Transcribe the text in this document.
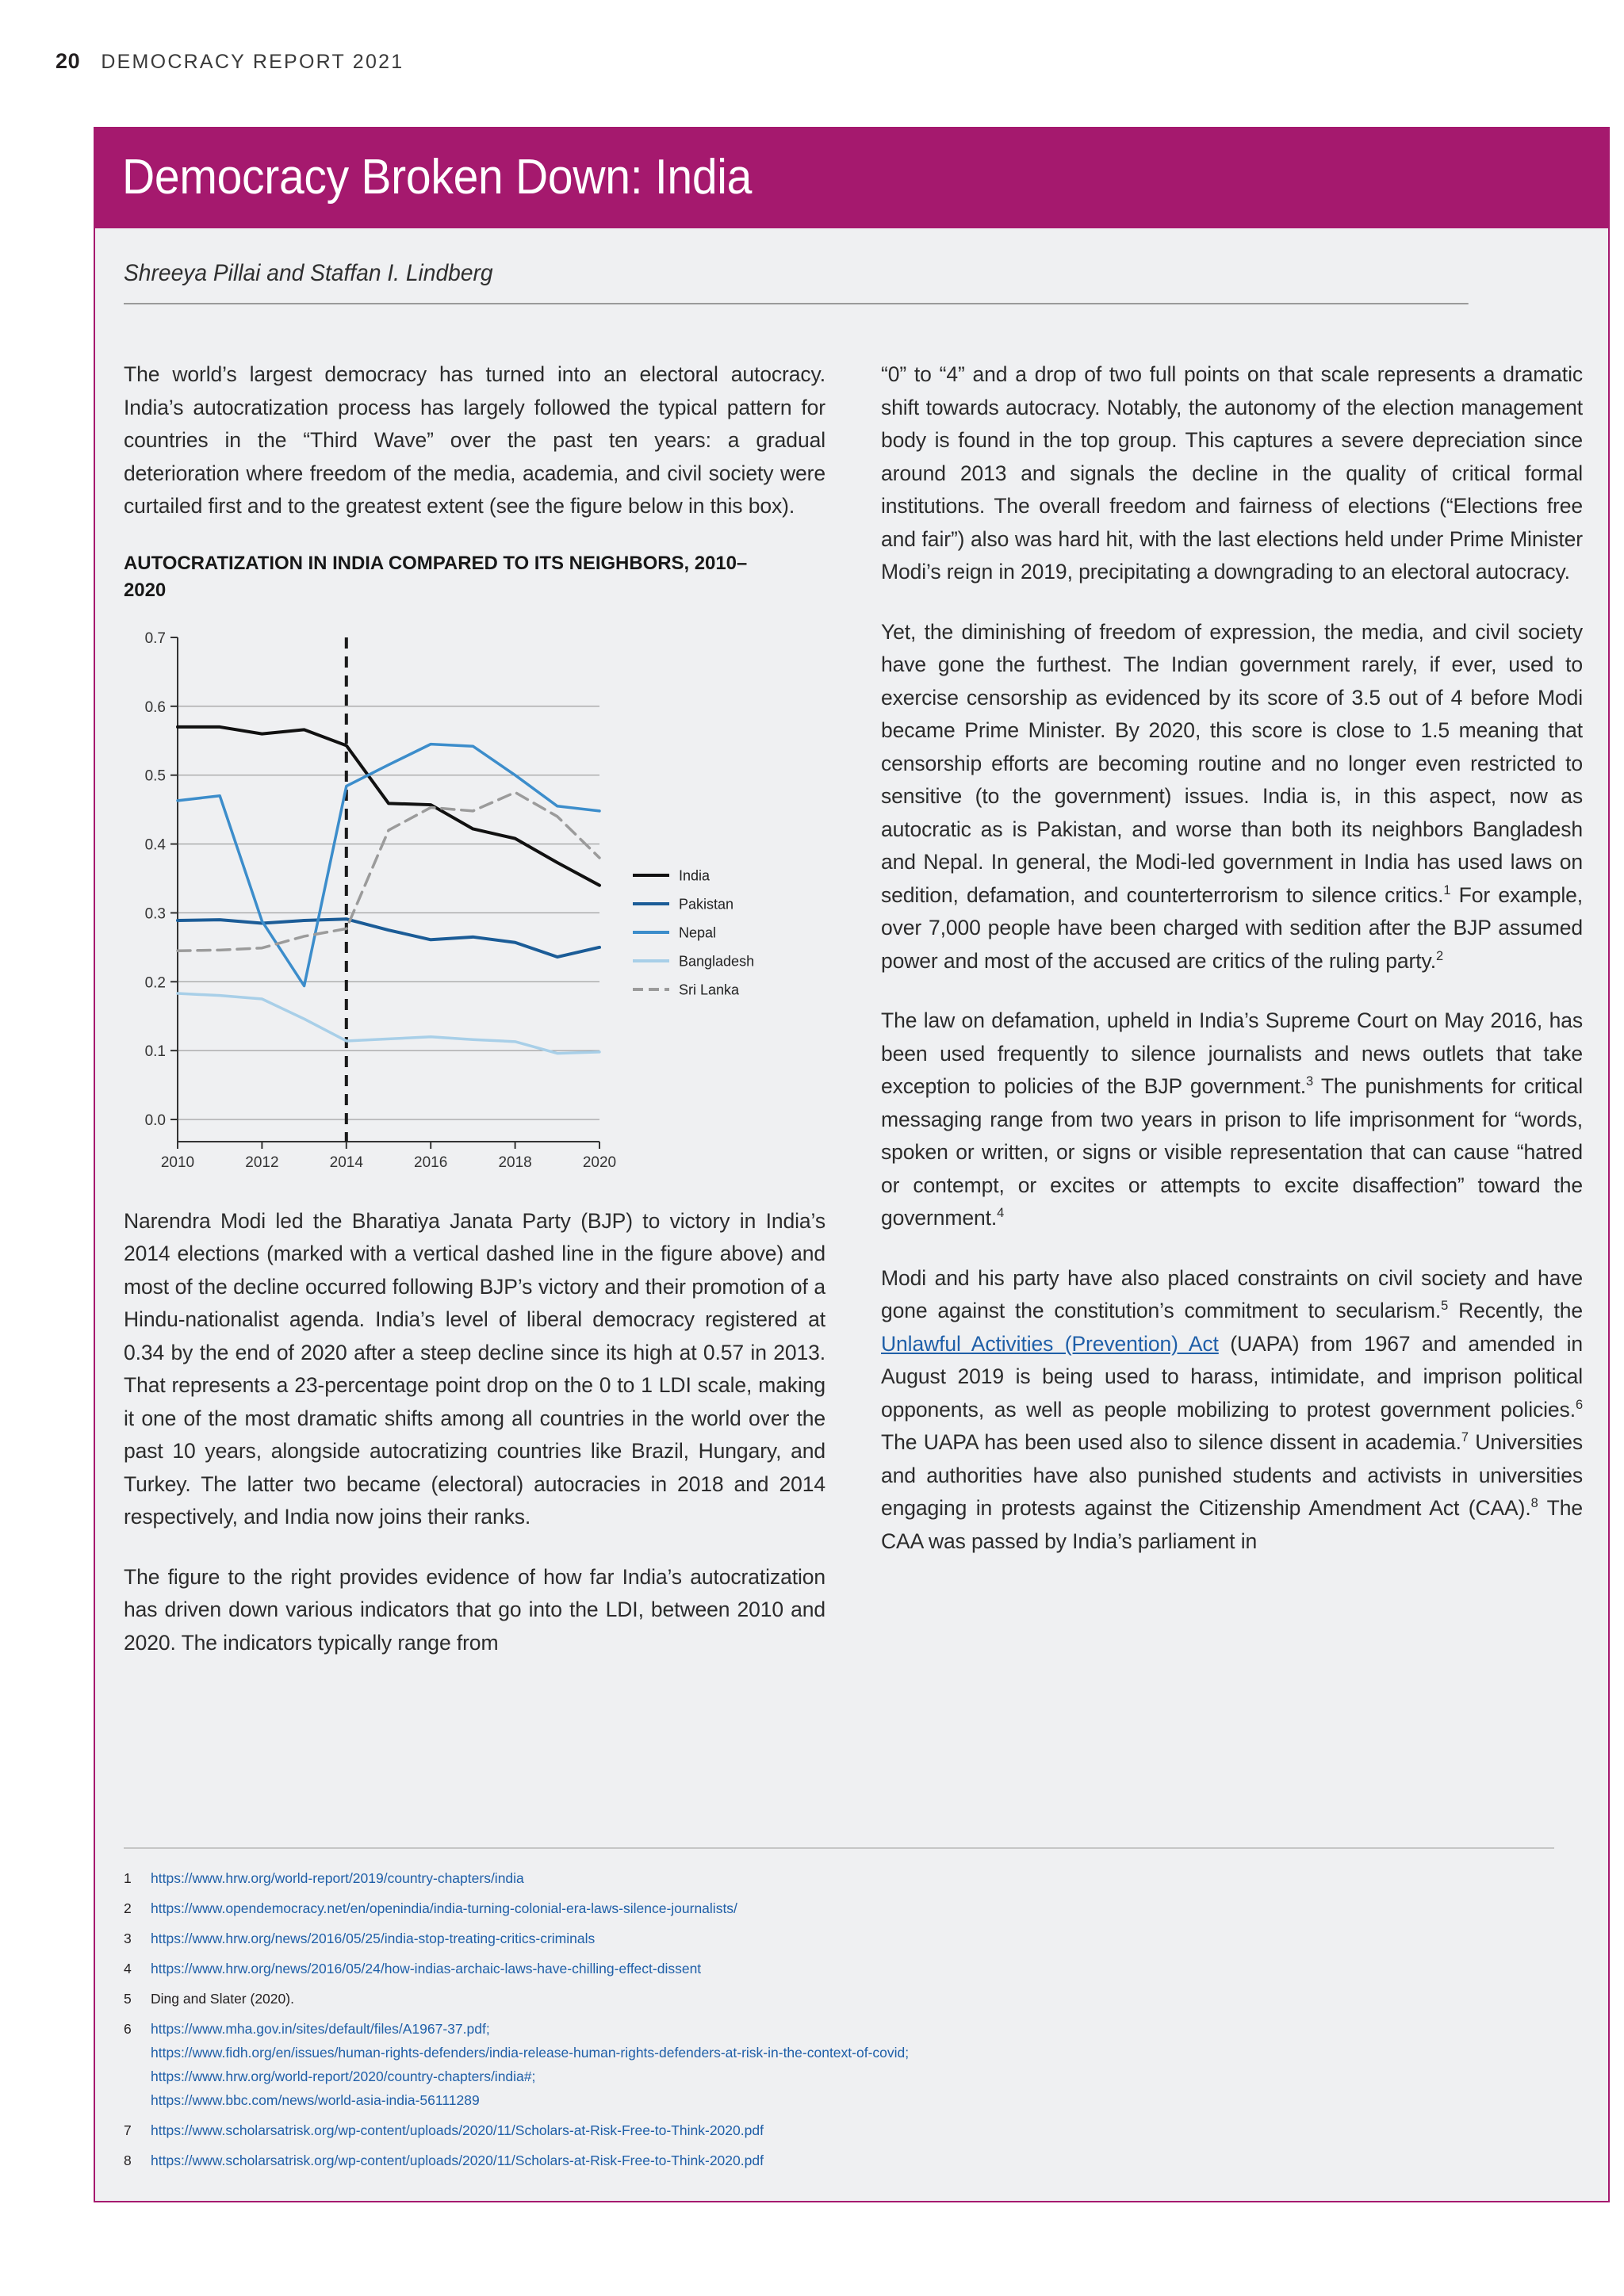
20 DEMOCRACY REPORT 2021
Democracy Broken Down: India
Shreeya Pillai and Staffan I. Lindberg

The world’s largest democracy has turned into an electoral autocracy. India’s autocratization process has largely followed the typical pattern for countries in the “Third Wave” over the past ten years: a gradual deterioration where freedom of the media, academia, and civil society were curtailed first and to the greatest extent (see the figure below in this box).

AUTOCRATIZATION IN INDIA COMPARED TO ITS NEIGHBORS, 2010–2020
0.0
0.1
0.2
0.3
0.4
0.5
0.6
0.7
2010	2012	2014	2016	2018	2020
India
Pakistan
Nepal
Bangladesh
Sri Lanka

Narendra Modi led the Bharatiya Janata Party (BJP) to victory in India’s 2014 elections (marked with a vertical dashed line in the figure above) and most of the decline occurred following BJP’s victory and their promotion of a Hindu-nationalist agenda. India’s level of liberal democracy registered at 0.34 by the end of 2020 after a steep decline since its high at 0.57 in 2013. That represents a 23-percentage point drop on the 0 to 1 LDI scale, making it one of the most dramatic shifts among all countries in the world over the past 10 years, alongside autocratizing countries like Brazil, Hungary, and Turkey. The latter two became (electoral) autocracies in 2018 and 2014 respectively, and India now joins their ranks.

The figure to the right provides evidence of how far India’s autocratization has driven down various indicators that go into the LDI, between 2010 and 2020. The indicators typically range from

“0” to “4” and a drop of two full points on that scale represents a dramatic shift towards autocracy. Notably, the autonomy of the election management body is found in the top group. This captures a severe depreciation since around 2013 and signals the decline in the quality of critical formal institutions. The overall freedom and fairness of elections (“Elections free and fair”) also was hard hit, with the last elections held under Prime Minister Modi’s reign in 2019, precipitating a downgrading to an electoral autocracy.

Yet, the diminishing of freedom of expression, the media, and civil society have gone the furthest. The Indian government rarely, if ever, used to exercise censorship as evidenced by its score of 3.5 out of 4 before Modi became Prime Minister. By 2020, this score is close to 1.5 meaning that censorship efforts are becoming routine and no longer even restricted to sensitive (to the government) issues. India is, in this aspect, now as autocratic as is Pakistan, and worse than both its neighbors Bangladesh and Nepal. In general, the Modi-led government in India has used laws on sedition, defamation, and counterterrorism to silence critics.$^1$ For example, over 7,000 people have been charged with sedition after the BJP assumed power and most of the accused are critics of the ruling party.$^2$

The law on defamation, upheld in India’s Supreme Court on May 2016, has been used frequently to silence journalists and news outlets that take exception to policies of the BJP government.$^3$ The punishments for critical messaging range from two years in prison to life imprisonment for “words, spoken or written, or signs or visible representation that can cause “hatred or contempt, or excites or attempts to excite disaffection” toward the government.$^4$

Modi and his party have also placed constraints on civil society and have gone against the constitution’s commitment to secularism.$^5$ Recently, the Unlawful Activities (Prevention) Act (UAPA) from 1967 and amended in August 2019 is being used to harass, intimidate, and imprison political opponents, as well as people mobilizing to protest government policies.$^6$ The UAPA has been used also to silence dissent in academia.$^7$ Universities and authorities have also punished students and activists in universities engaging in protests against the Citizenship Amendment Act (CAA).$^8$ The CAA was passed by India’s parliament in

1	https://www.hrw.org/world-report/2019/country-chapters/india
2	https://www.opendemocracy.net/en/openindia/india-turning-colonial-era-laws-silence-journalists/
3	https://www.hrw.org/news/2016/05/25/india-stop-treating-critics-criminals
4	https://www.hrw.org/news/2016/05/24/how-indias-archaic-laws-have-chilling-effect-dissent
5	Ding and Slater (2020).
6	https://www.mha.gov.in/sites/default/files/A1967-37.pdf;
https://www.fidh.org/en/issues/human-rights-defenders/india-release-human-rights-defenders-at-risk-in-the-context-of-covid;
https://www.hrw.org/world-report/2020/country-chapters/india#;
https://www.bbc.com/news/world-asia-india-56111289
7	https://www.scholarsatrisk.org/wp-content/uploads/2020/11/Scholars-at-Risk-Free-to-Think-2020.pdf
8	https://www.scholarsatrisk.org/wp-content/uploads/2020/11/Scholars-at-Risk-Free-to-Think-2020.pdf
